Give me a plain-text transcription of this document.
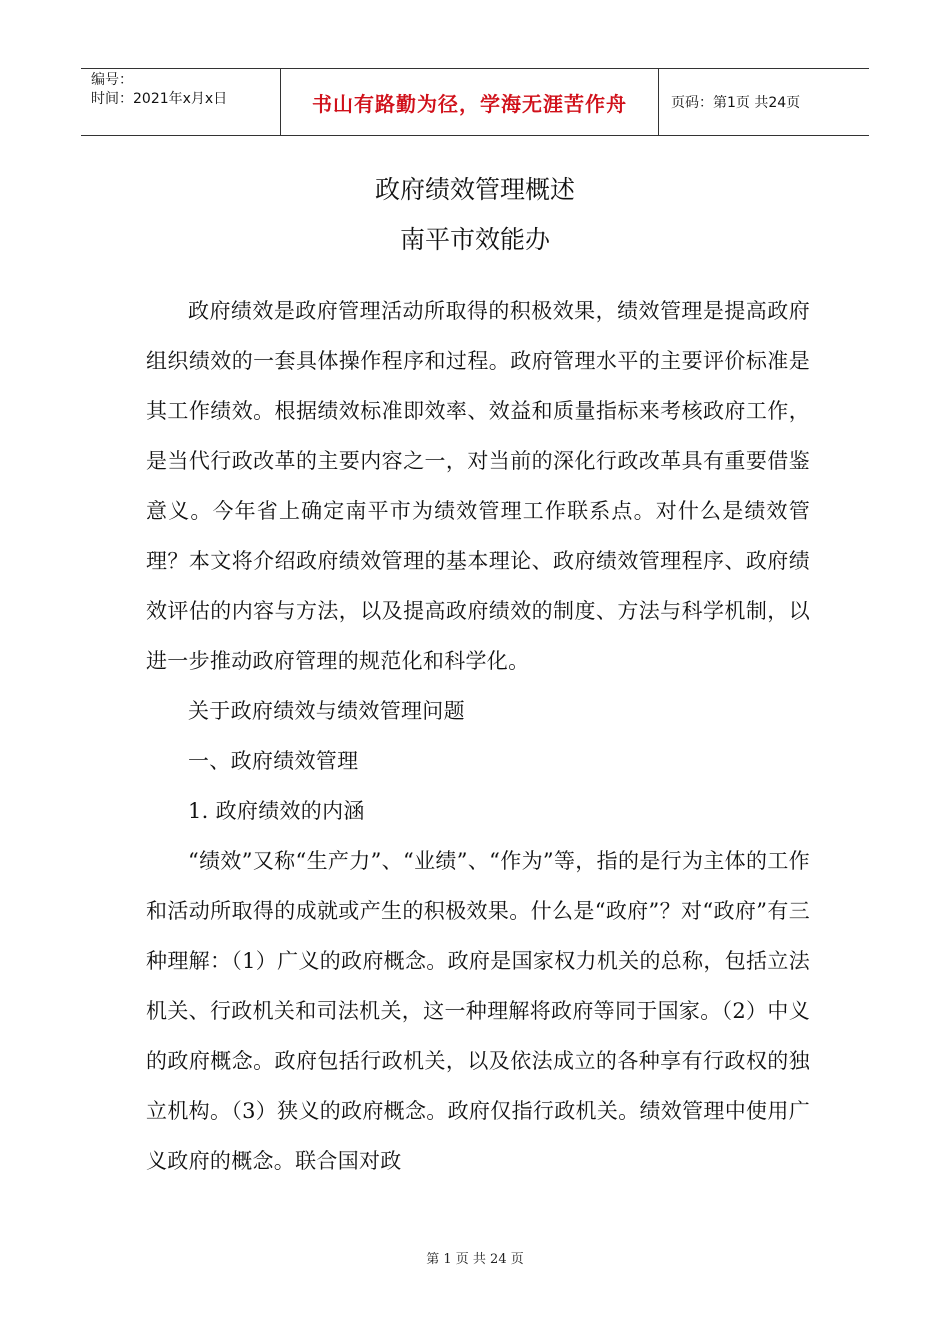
编号：
时间：2021年x月x日	书山有路勤为径，学海无涯苦作舟	页码：第1页 共24页
政府绩效管理概述
南平市效能办

政府绩效是政府管理活动所取得的积极效果，绩效管理是提高政府组织绩效的一套具体操作程序和过程。政府管理水平的主要评价标准是其工作绩效。根据绩效标准即效率、效益和质量指标来考核政府工作，是当代行政改革的主要内容之一，对当前的深化行政改革具有重要借鉴意义。今年省上确定南平市为绩效管理工作联系点。对什么是绩效管理？本文将介绍政府绩效管理的基本理论、政府绩效管理程序、政府绩效评估的内容与方法，以及提高政府绩效的制度、方法与科学机制，以进一步推动政府管理的规范化和科学化。

关于政府绩效与绩效管理问题

一、政府绩效管理

1. 政府绩效的内涵

“绩效”又称“生产力”、“业绩”、“作为”等，指的是行为主体的工作和活动所取得的成就或产生的积极效果。什么是“政府”？对“政府”有三种理解：（1）广义的政府概念。政府是国家权力机关的总称，包括立法机关、行政机关和司法机关，这一种理解将政府等同于国家。（2）中义的政府概念。政府包括行政机关，以及依法成立的各种享有行政权的独立机构。（3）狭义的政府概念。政府仅指行政机关。绩效管理中使用广义政府的概念。联合国对政

第 1 页 共 24 页
